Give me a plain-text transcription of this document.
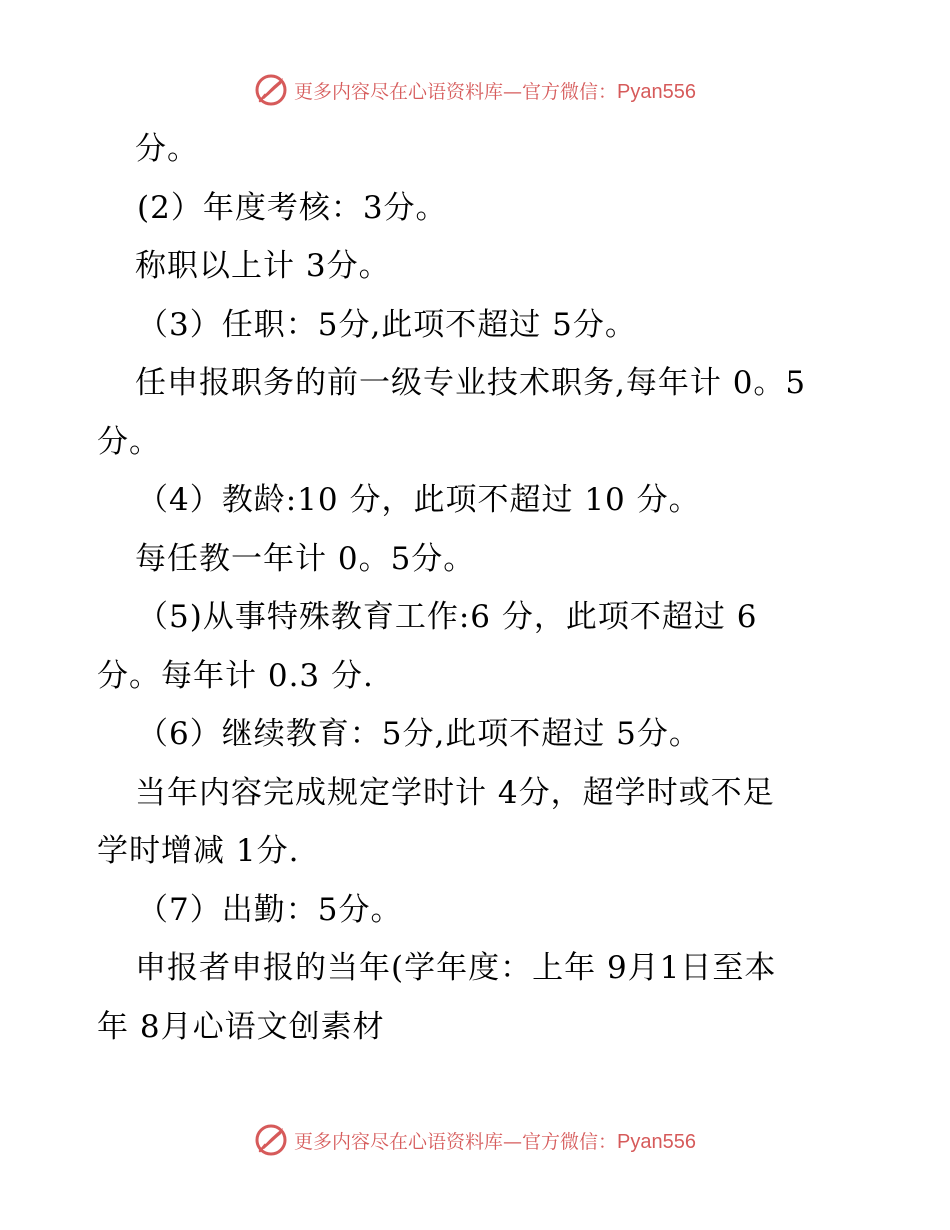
更多内容尽在心语资料库—官方微信：Pyan556
分。
(2）年度考核：3分。
称职以上计 3分。
（3）任职：5分,此项不超过 5分。
任申报职务的前一级专业技术职务,每年计 0。5
分。
（4）教龄:10 分，此项不超过 10 分。
每任教一年计 0。5分。
（5)从事特殊教育工作:6 分，此项不超过 6
分。每年计 0.3 分.
（6）继续教育：5分,此项不超过 5分。
当年内容完成规定学时计 4分，超学时或不足
学时增减 1分.
（7）出勤：5分。
申报者申报的当年(学年度：上年 9月1日至本
年 8月心语文创素材
更多内容尽在心语资料库—官方微信：Pyan556
